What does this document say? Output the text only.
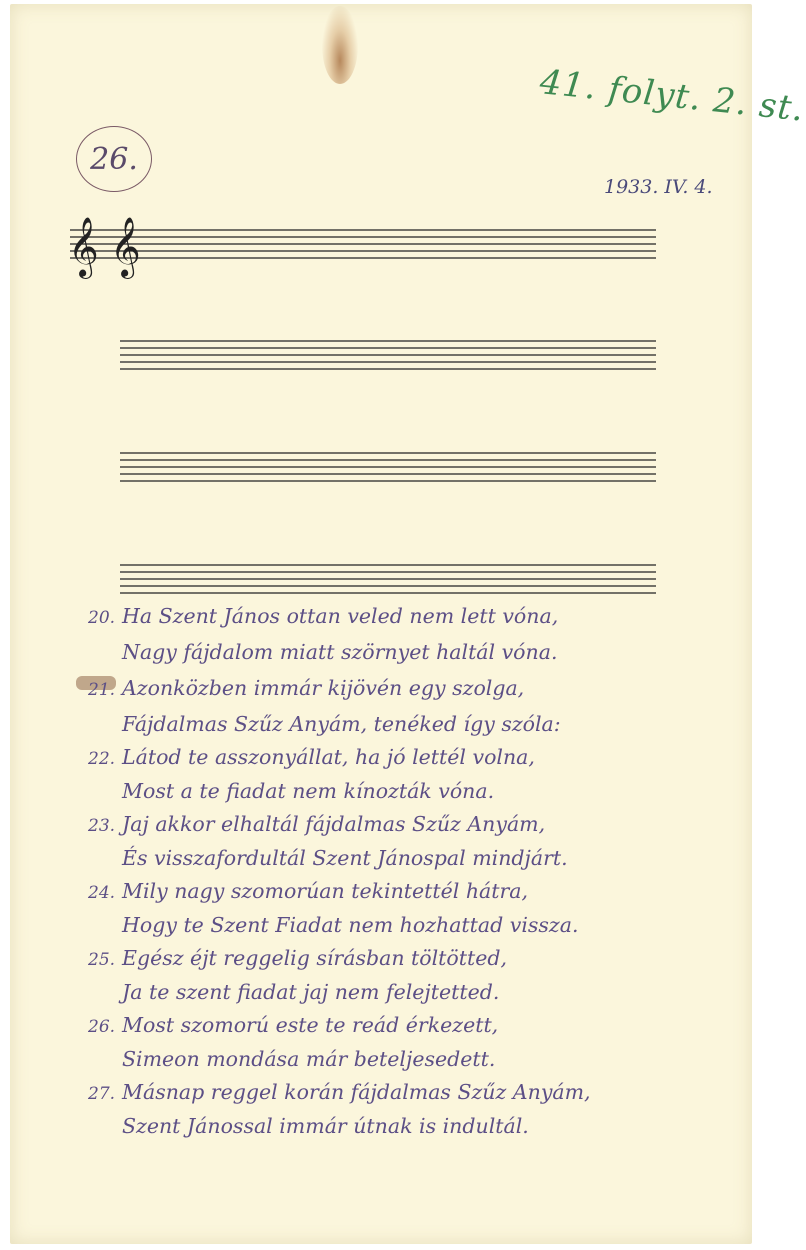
41. folyt. 2. st.
26.
1933. IV. 4.
𝄞 𝄞
20. Ha Szent János ottan veled nem lett vóna,
Nagy fájdalom miatt szörnyet haltál vóna.
21. Azonközben immár kijövén egy szolga,
Fájdalmas Szűz Anyám, tenéked így szóla:
22. Látod te asszonyállat, ha jó lettél volna,
Most a te fiadat nem kínozták vóna.
23. Jaj akkor elhaltál fájdalmas Szűz Anyám,
És visszafordultál Szent Jánospal mindjárt.
24. Mily nagy szomorúan tekintettél hátra,
Hogy te Szent Fiadat nem hozhattad vissza.
25. Egész éjt reggelig sírásban töltötted,
Ja te szent fiadat jaj nem felejtetted.
26. Most szomorú este te reád érkezett,
Simeon mondása már beteljesedett.
27. Másnap reggel korán fájdalmas Szűz Anyám,
Szent Jánossal immár útnak is indultál.
